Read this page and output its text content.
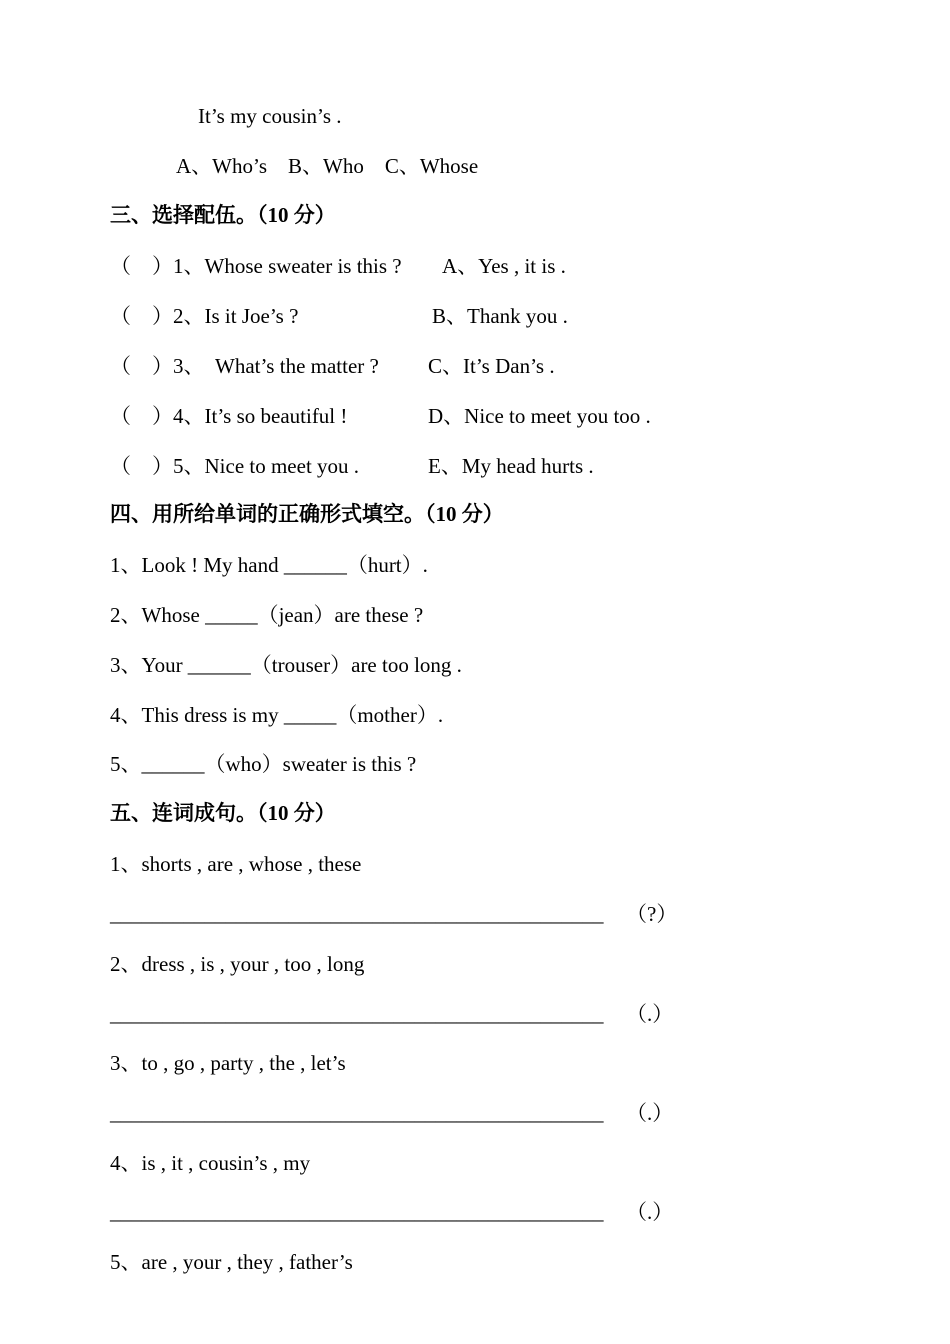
It’s my cousin’s .
A、Who’s    B、Who    C、Whose
三、选择配伍。（10 分）
（    ）1、Whose sweater is this ? A、Yes , it is .
（    ）2、Is it Joe’s ?	B、Thank you .
（    ）3、  What’s the matter ? C、It’s Dan’s .
（    ）4、It’s so beautiful !	D、Nice to meet you too .
（    ）5、Nice to meet you .	E、My head hurts .
四、用所给单词的正确形式填空。（10 分）
1、Look ! My hand ______（hurt）.
2、Whose _____（jean）are these ?
3、Your ______（trouser）are too long .
4、This dress is my _____（mother）.
5、______（who）sweater is this ?
五、连词成句。（10 分）
1、shorts , are , whose , these
_______________________________________________ （?）
2、dress , is , your , too , long
_______________________________________________ （.）
3、to , go , party , the , let’s
_______________________________________________ （.）
4、is , it , cousin’s , my
_______________________________________________ （.）
5、are , your , they , father’s
